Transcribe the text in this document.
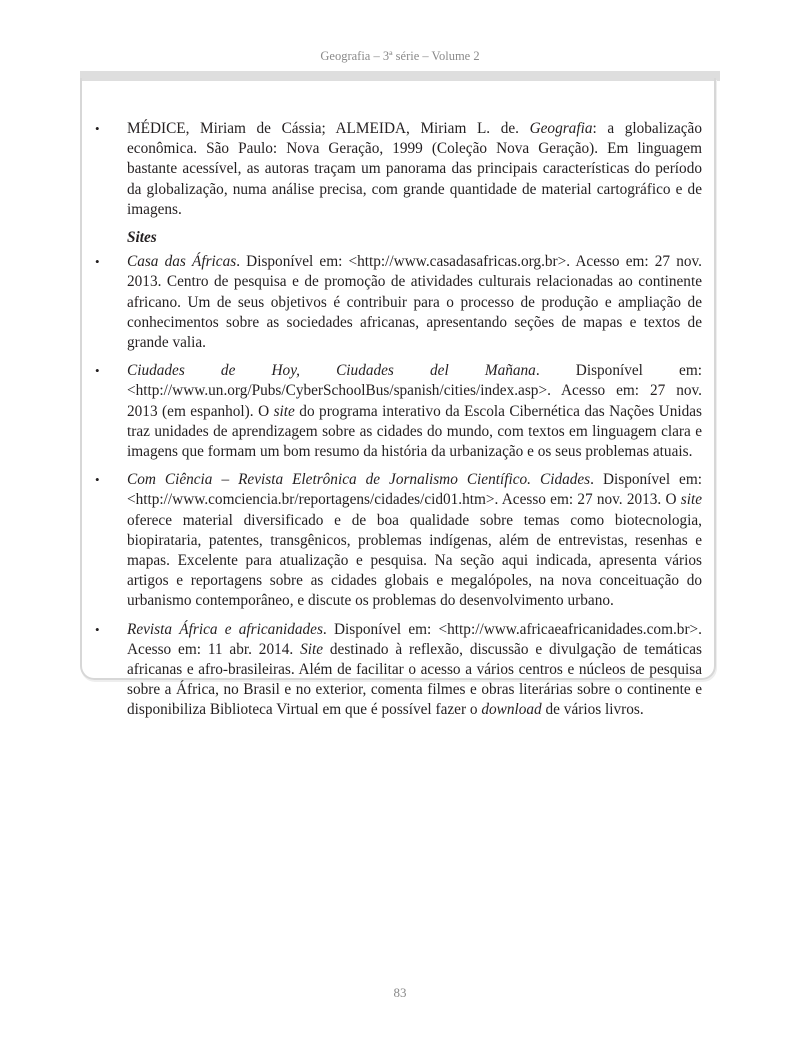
Geografia – 3ª série – Volume 2

• MÉDICE, Miriam de Cássia; ALMEIDA, Miriam L. de. Geografia: a globalização econômica. São Paulo: Nova Geração, 1999 (Coleção Nova Geração). Em linguagem bastante acessível, as autoras traçam um panorama das principais características do período da globalização, numa análise precisa, com grande quantidade de material cartográfico e de imagens.

Sites

• Casa das Áfricas. Disponível em: <http://www.casadasafricas.org.br>. Acesso em: 27 nov. 2013. Centro de pesquisa e de promoção de atividades culturais relacionadas ao continente africano. Um de seus objetivos é contribuir para o processo de produção e ampliação de conhecimentos sobre as sociedades africanas, apresentando seções de mapas e textos de grande valia.

• Ciudades de Hoy, Ciudades del Mañana. Disponível em: <http://www.un.org/Pubs/CyberSchoolBus/spanish/cities/index.asp>. Acesso em: 27 nov. 2013 (em espanhol). O site do programa interativo da Escola Cibernética das Nações Unidas traz unidades de aprendizagem sobre as cidades do mundo, com textos em linguagem clara e imagens que formam um bom resumo da história da urbanização e os seus problemas atuais.

• Com Ciência – Revista Eletrônica de Jornalismo Científico. Cidades. Disponível em: <http://www.comciencia.br/reportagens/cidades/cid01.htm>. Acesso em: 27 nov. 2013. O site oferece material diversificado e de boa qualidade sobre temas como biotecnologia, biopirataria, patentes, transgênicos, problemas indígenas, além de entrevistas, resenhas e mapas. Excelente para atualização e pesquisa. Na seção aqui indicada, apresenta vários artigos e reportagens sobre as cidades globais e megalópoles, na nova conceituação do urbanismo contemporâneo, e discute os problemas do desenvolvimento urbano.

• Revista África e africanidades. Disponível em: <http://www.africaeafricanidades.com.br>. Acesso em: 11 abr. 2014. Site destinado à reflexão, discussão e divulgação de temáticas africanas e afro-brasileiras. Além de facilitar o acesso a vários centros e núcleos de pesquisa sobre a África, no Brasil e no exterior, comenta filmes e obras literárias sobre o continente e disponibiliza Biblioteca Virtual em que é possível fazer o download de vários livros.

83
